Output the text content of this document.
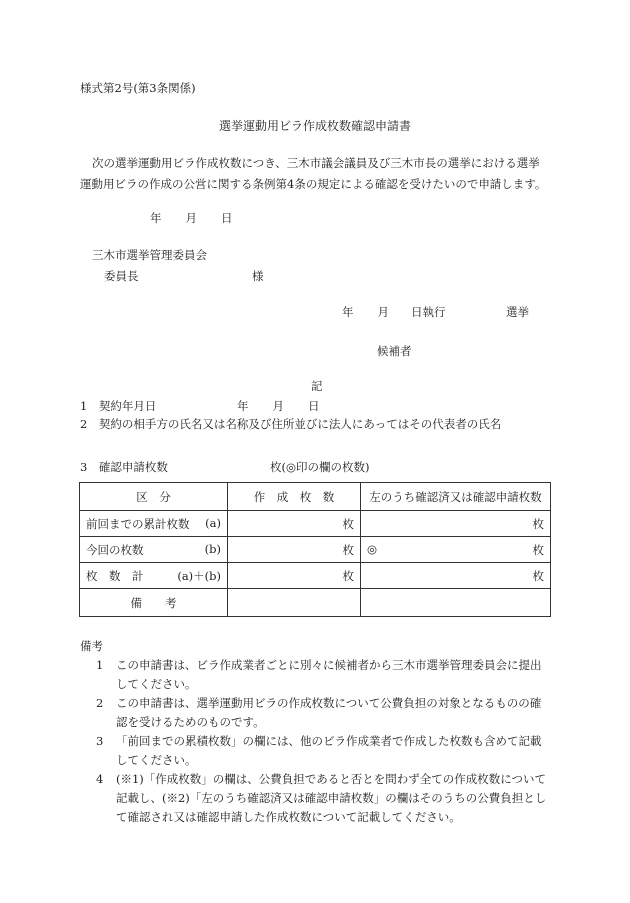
様式第2号(第3条関係)
選挙運動用ビラ作成枚数確認申請書
次の選挙運動用ビラ作成枚数につき、三木市議会議員及び三木市長の選挙における選挙運動用ビラの作成の公営に関する条例第4条の規定による確認を受けたいので申請します。
年 月 日
三木市選挙管理委員会
委員長	様
年 月 日執行	選挙
候補者
記
1　 契約年月日	年 月 日
2　 契約の相手方の氏名又は名称及び住所並びに法人にあってはその代表者の氏名
3　 確認申請枚数	枚(◎印の欄の枚数)
区　分	作　成　枚　数	左のうち確認済又は確認申請枚数

前回までの累計枚数 (a)	枚	枚

今回の枚数 (b)	枚	◎ 枚

枚　数　計 (a)＋(b)	枚	枚
備　　考		
備考
1	この申請書は、ビラ作成業者ごとに別々に候補者から三木市選挙管理委員会に提出してください。
2	この申請書は、選挙運動用ビラの作成枚数について公費負担の対象となるものの確認を受けるためのものです。
3	「前回までの累積枚数」の欄には、他のビラ作成業者で作成した枚数も含めて記載してください。
4	(※1)「作成枚数」の欄は、公費負担であると否とを問わず全ての作成枚数について記載し、(※2)「左のうち確認済又は確認申請枚数」の欄はそのうちの公費負担として確認され又は確認申請した作成枚数について記載してください。
